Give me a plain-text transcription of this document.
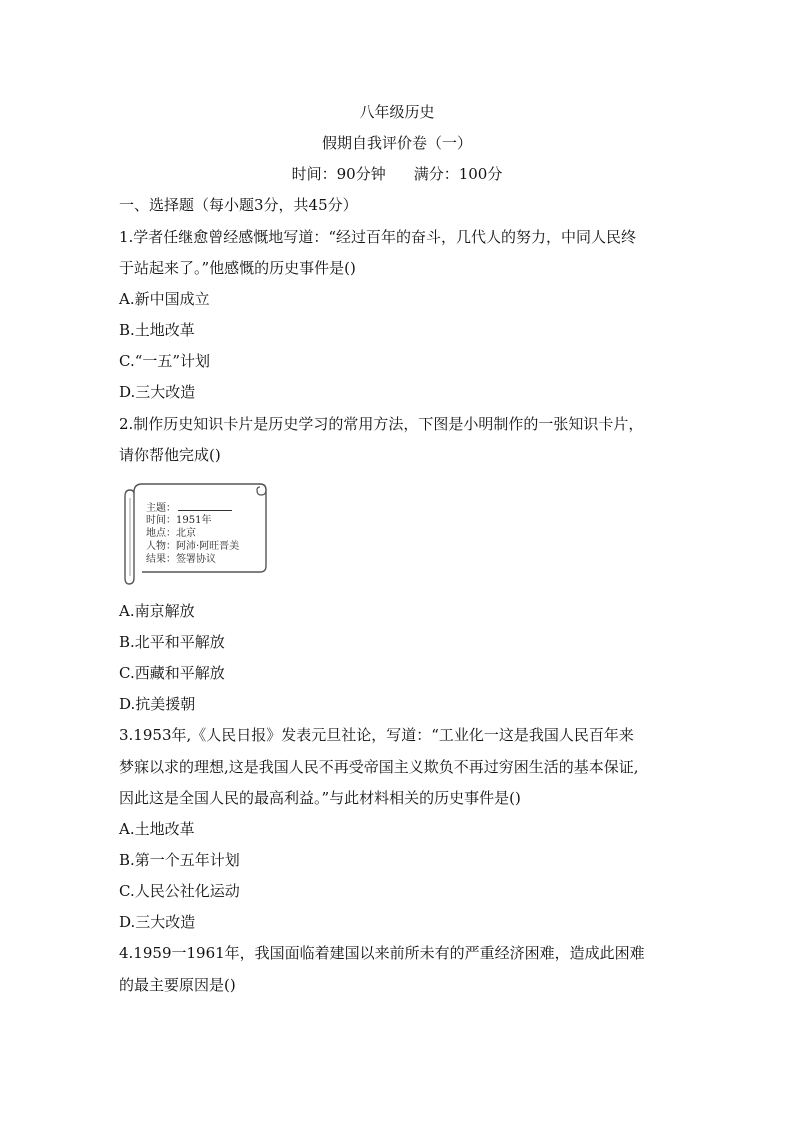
八年级历史
假期自我评价卷（一）
时间：90分钟 满分：100分
一、选择题（每小题3分，共45分）
1.学者任继愈曾经感慨地写道：“经过百年的奋斗，几代人的努力，中同人民终
于站起来了。”他感慨的历史事件是()
A.新中国成立
B.土地改革
C.“一五”计划
D.三大改造
2.制作历史知识卡片是历史学习的常用方法，下图是小明制作的一张知识卡片，
请你帮他完成()
主题：
时间：1951年
地点：北京
人物：阿沛·阿旺晋美
结果：签署协议
A.南京解放
B.北平和平解放
C.西藏和平解放
D.抗美援朝
3.1953年,《人民日报》发表元旦社论，写道：“工业化一这是我国人民百年来
梦寐以求的理想,这是我国人民不再受帝国主义欺负不再过穷困生活的基本保证,
因此这是全国人民的最高利益。”与此材料相关的历史事件是()
A.土地改革
B.第一个五年计划
C.人民公社化运动
D.三大改造
4.1959一1961年，我国面临着建国以来前所未有的严重经济困难，造成此困难
的最主要原因是()
